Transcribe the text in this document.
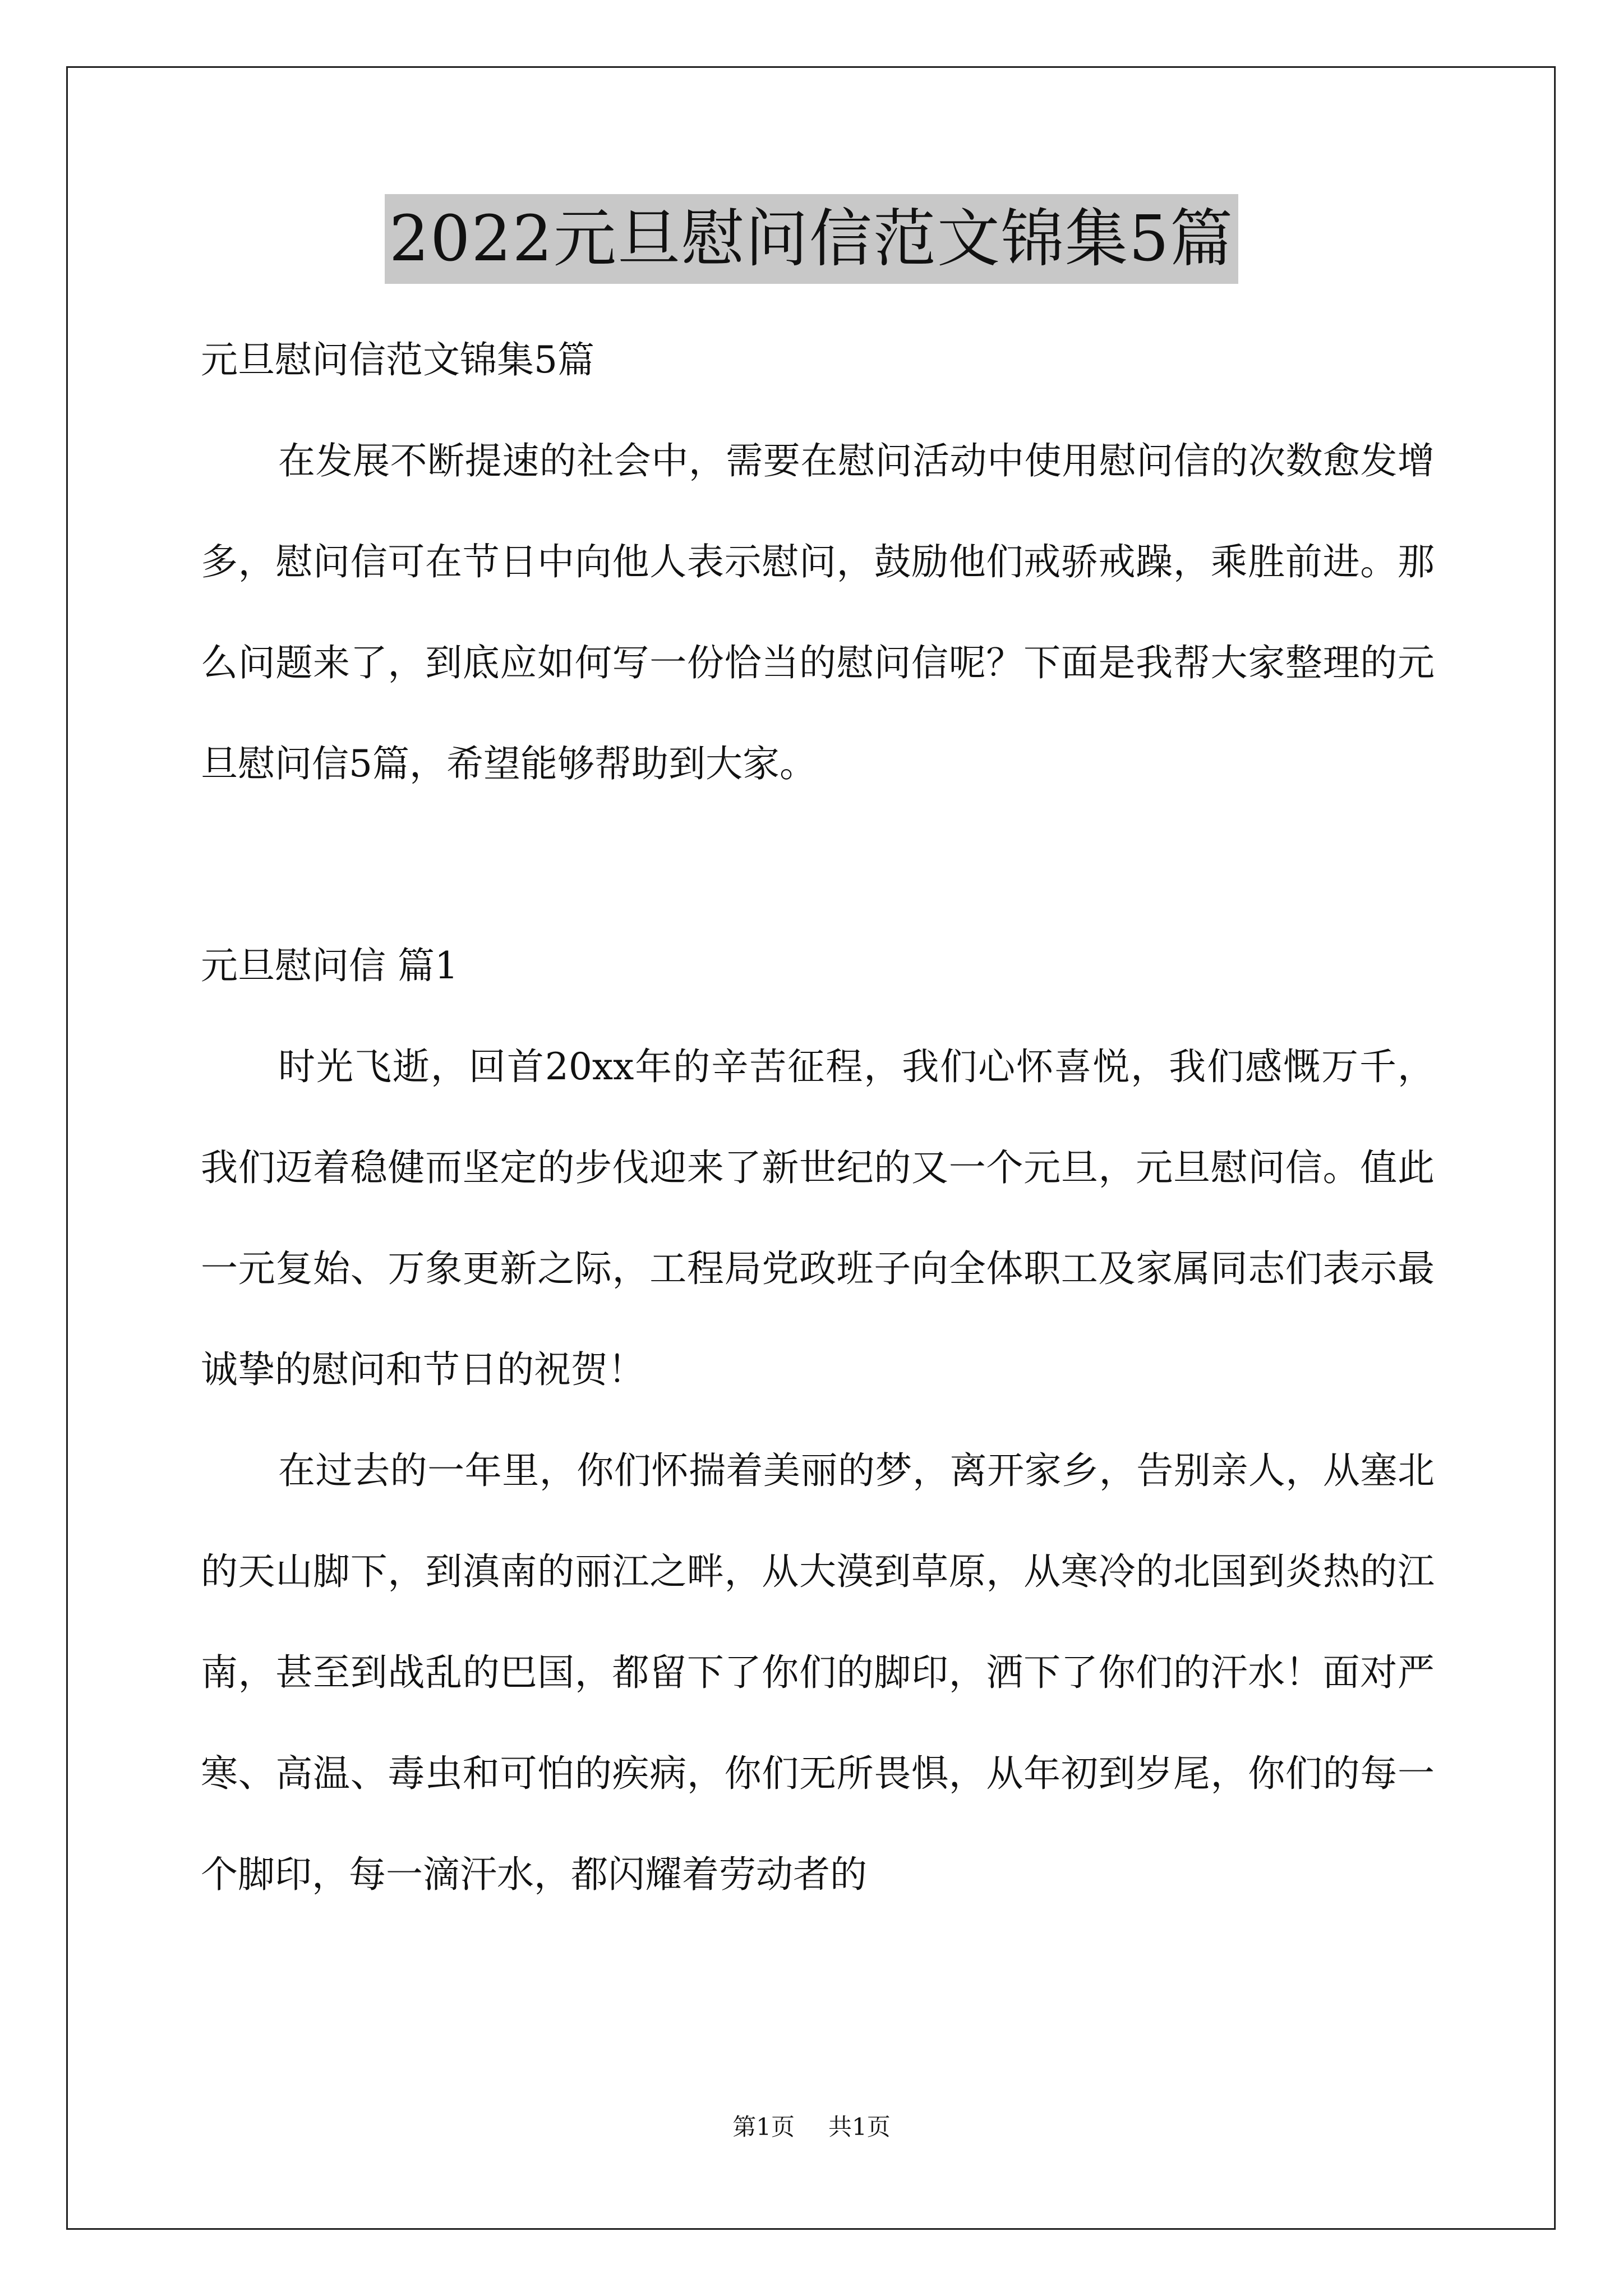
2022元旦慰问信范文锦集5篇

元旦慰问信范文锦集5篇

在发展不断提速的社会中，需要在慰问活动中使用慰问信的次数愈发增多，慰问信可在节日中向他人表示慰问，鼓励他们戒骄戒躁，乘胜前进。那么问题来了，到底应如何写一份恰当的慰问信呢？下面是我帮大家整理的元旦慰问信5篇，希望能够帮助到大家。

元旦慰问信 篇1

时光飞逝，回首20xx年的辛苦征程，我们心怀喜悦，我们感慨万千，我们迈着稳健而坚定的步伐迎来了新世纪的又一个元旦，元旦慰问信。值此一元复始、万象更新之际，工程局党政班子向全体职工及家属同志们表示最诚挚的慰问和节日的祝贺！

在过去的一年里，你们怀揣着美丽的梦，离开家乡，告别亲人，从塞北的天山脚下，到滇南的丽江之畔，从大漠到草原，从寒冷的北国到炎热的江南，甚至到战乱的巴国，都留下了你们的脚印，洒下了你们的汗水！面对严寒、高温、毒虫和可怕的疾病，你们无所畏惧，从年初到岁尾，你们的每一个脚印，每一滴汗水，都闪耀着劳动者的

第1页 共1页
